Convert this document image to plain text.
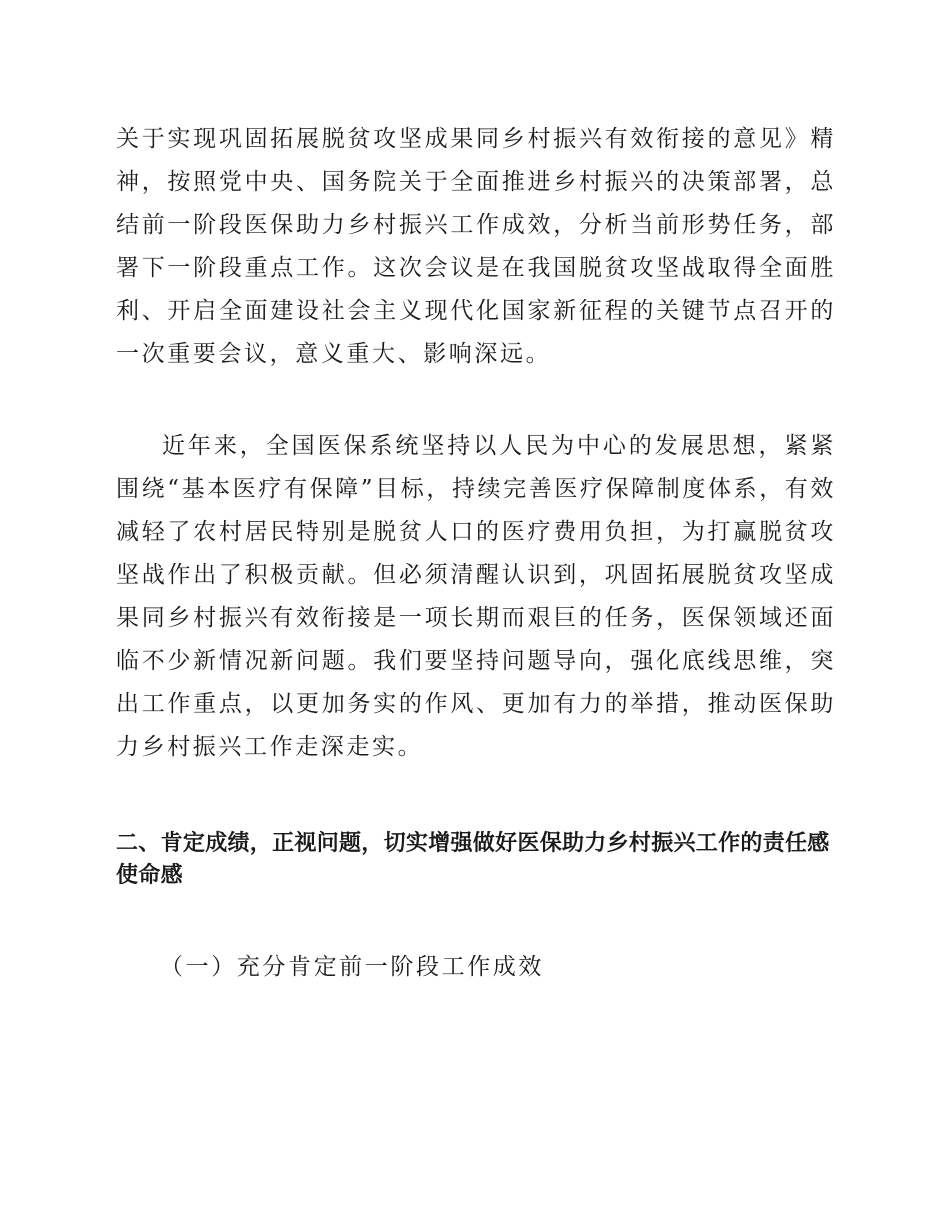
关于实现巩固拓展脱贫攻坚成果同乡村振兴有效衔接的意见》精神，按照党中央、国务院关于全面推进乡村振兴的决策部署，总结前一阶段医保助力乡村振兴工作成效，分析当前形势任务，部署下一阶段重点工作。这次会议是在我国脱贫攻坚战取得全面胜利、开启全面建设社会主义现代化国家新征程的关键节点召开的一次重要会议，意义重大、影响深远。

近年来，全国医保系统坚持以人民为中心的发展思想，紧紧围绕“基本医疗有保障”目标，持续完善医疗保障制度体系，有效减轻了农村居民特别是脱贫人口的医疗费用负担，为打赢脱贫攻坚战作出了积极贡献。但必须清醒认识到，巩固拓展脱贫攻坚成果同乡村振兴有效衔接是一项长期而艰巨的任务，医保领域还面临不少新情况新问题。我们要坚持问题导向，强化底线思维，突出工作重点，以更加务实的作风、更加有力的举措，推动医保助力乡村振兴工作走深走实。

二、肯定成绩，正视问题，切实增强做好医保助力乡村振兴工作的责任感使命感

（一）充分肯定前一阶段工作成效
